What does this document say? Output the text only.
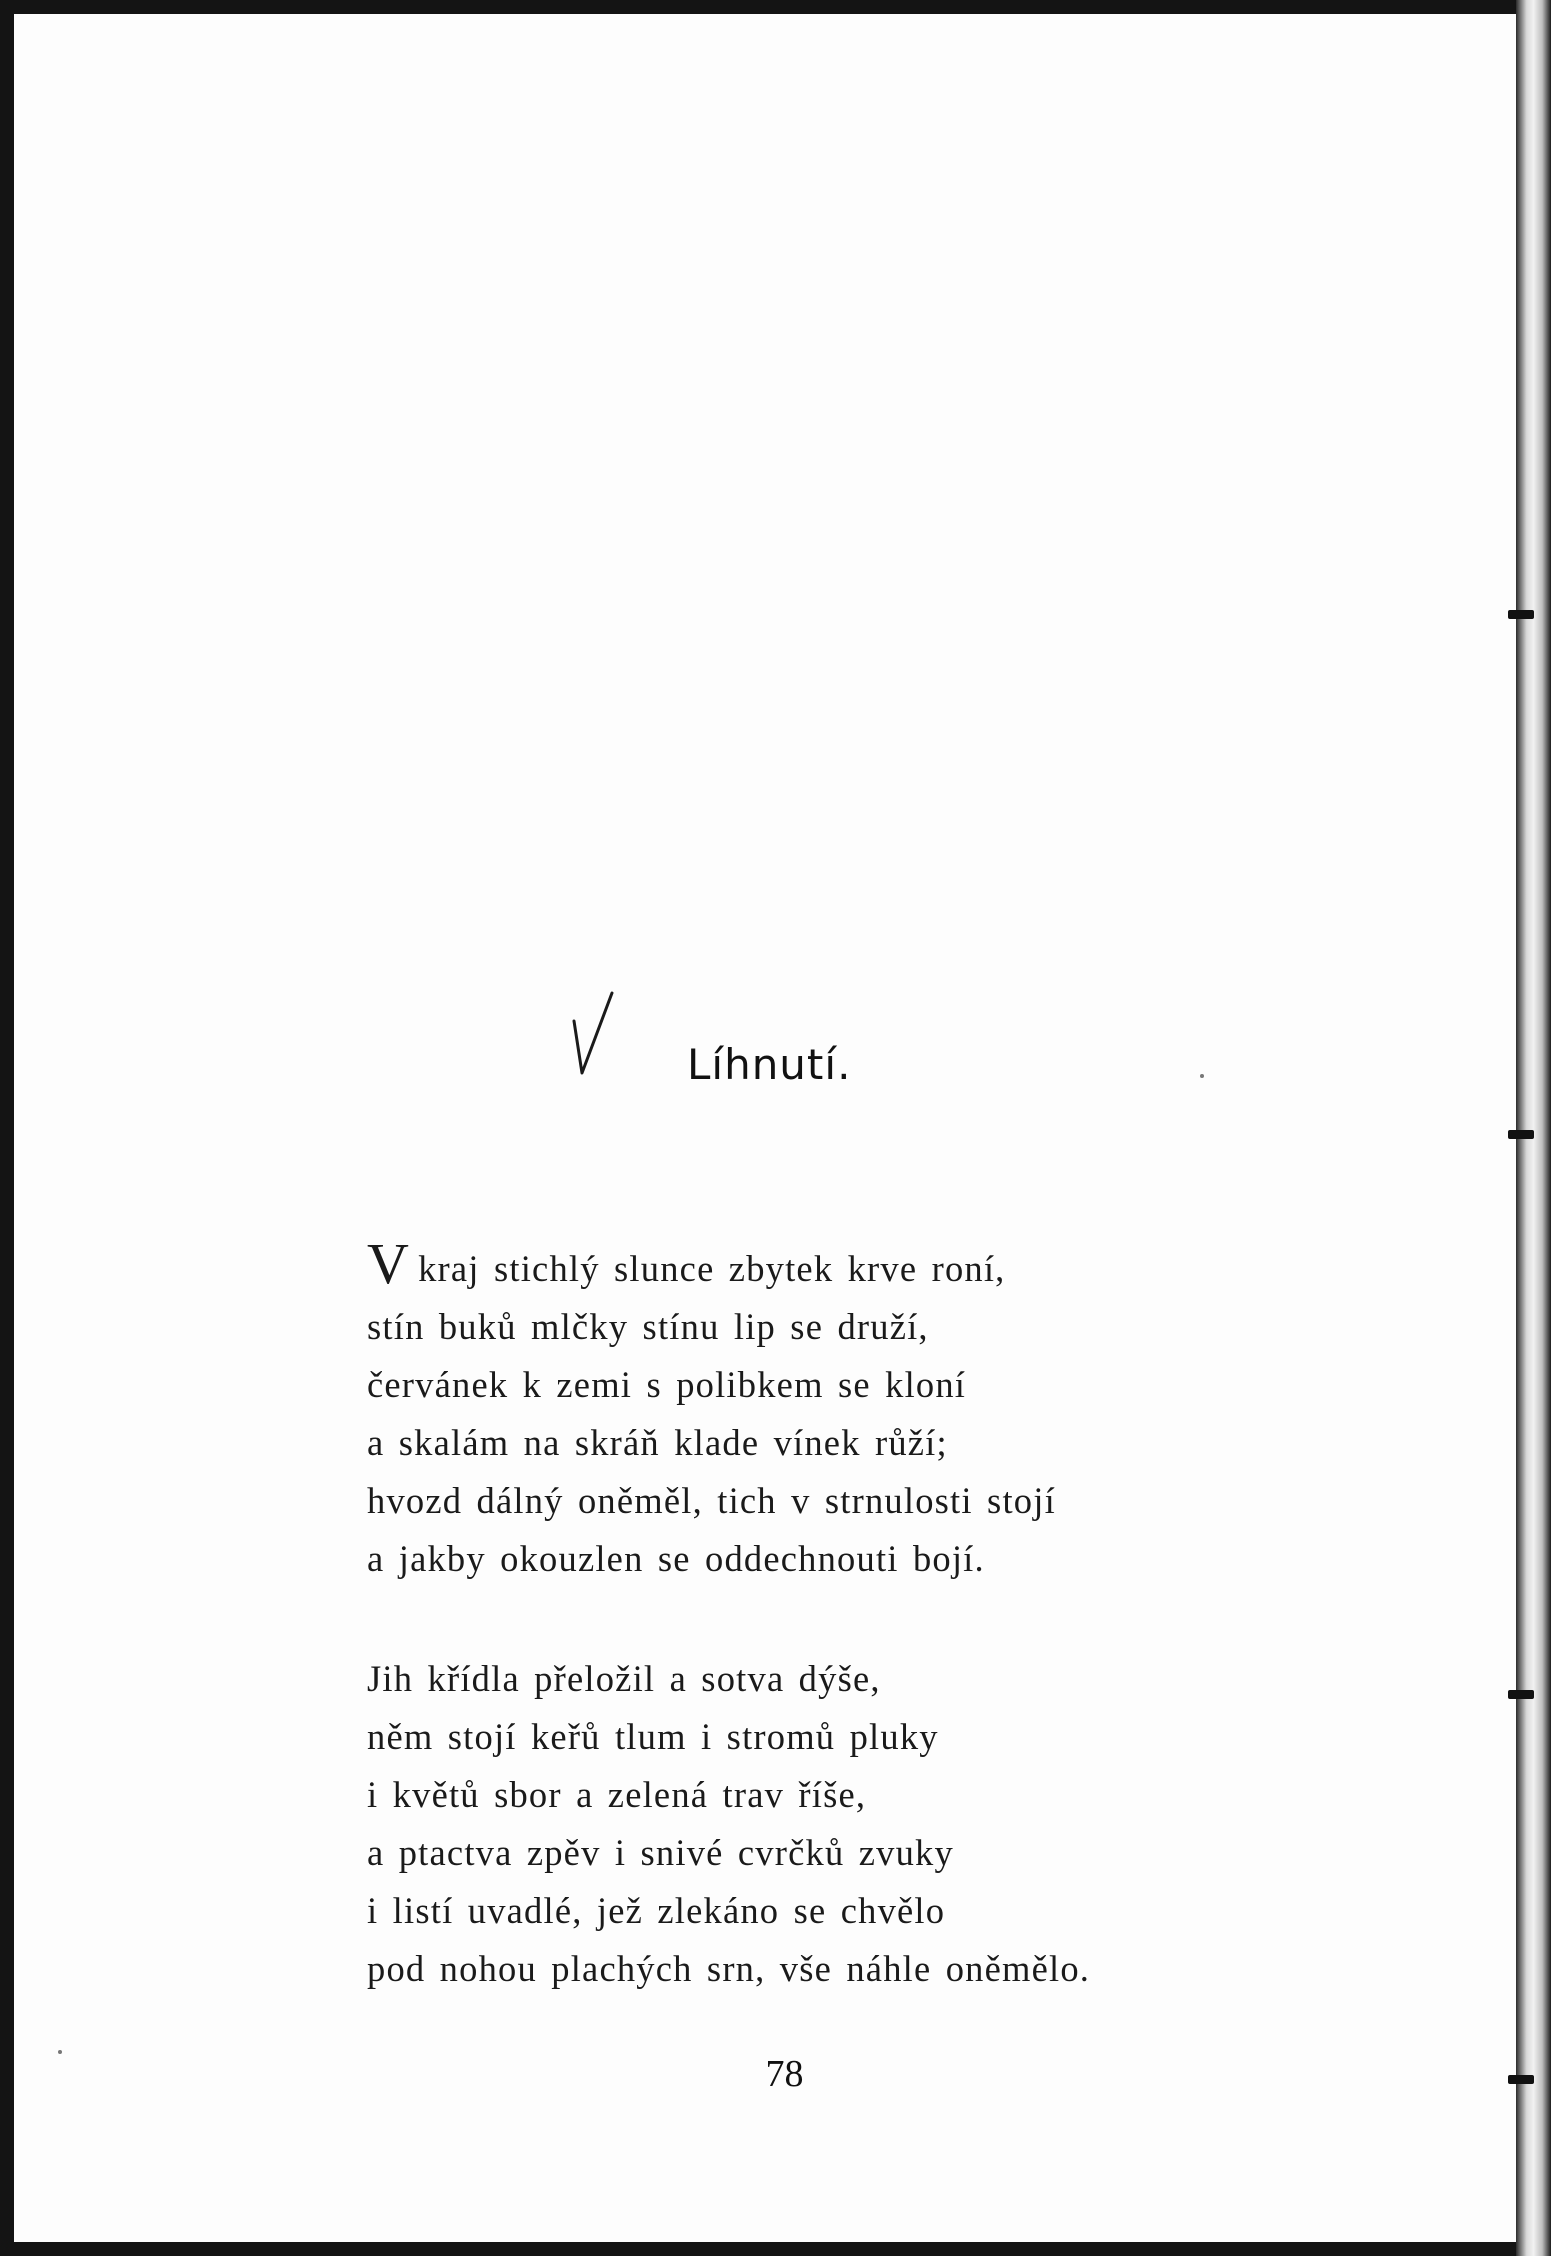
Líhnutí.
Vkraj stichlý slunce zbytek krve roní,
stín buků mlčky stínu lip se druží,
červánek k zemi s polibkem se kloní
a skalám na skráň klade vínek růží;
hvozd dálný oněměl, tich v strnulosti stojí
a jakby okouzlen se oddechnouti bojí.
Jih křídla přeložil a sotva dýše,
něm stojí keřů tlum i stromů pluky
i květů sbor a zelená trav říše,
a ptactva zpěv i snivé cvrčků zvuky
i listí uvadlé, jež zlekáno se chvělo
pod nohou plachých srn, vše náhle oněmělo.
78
